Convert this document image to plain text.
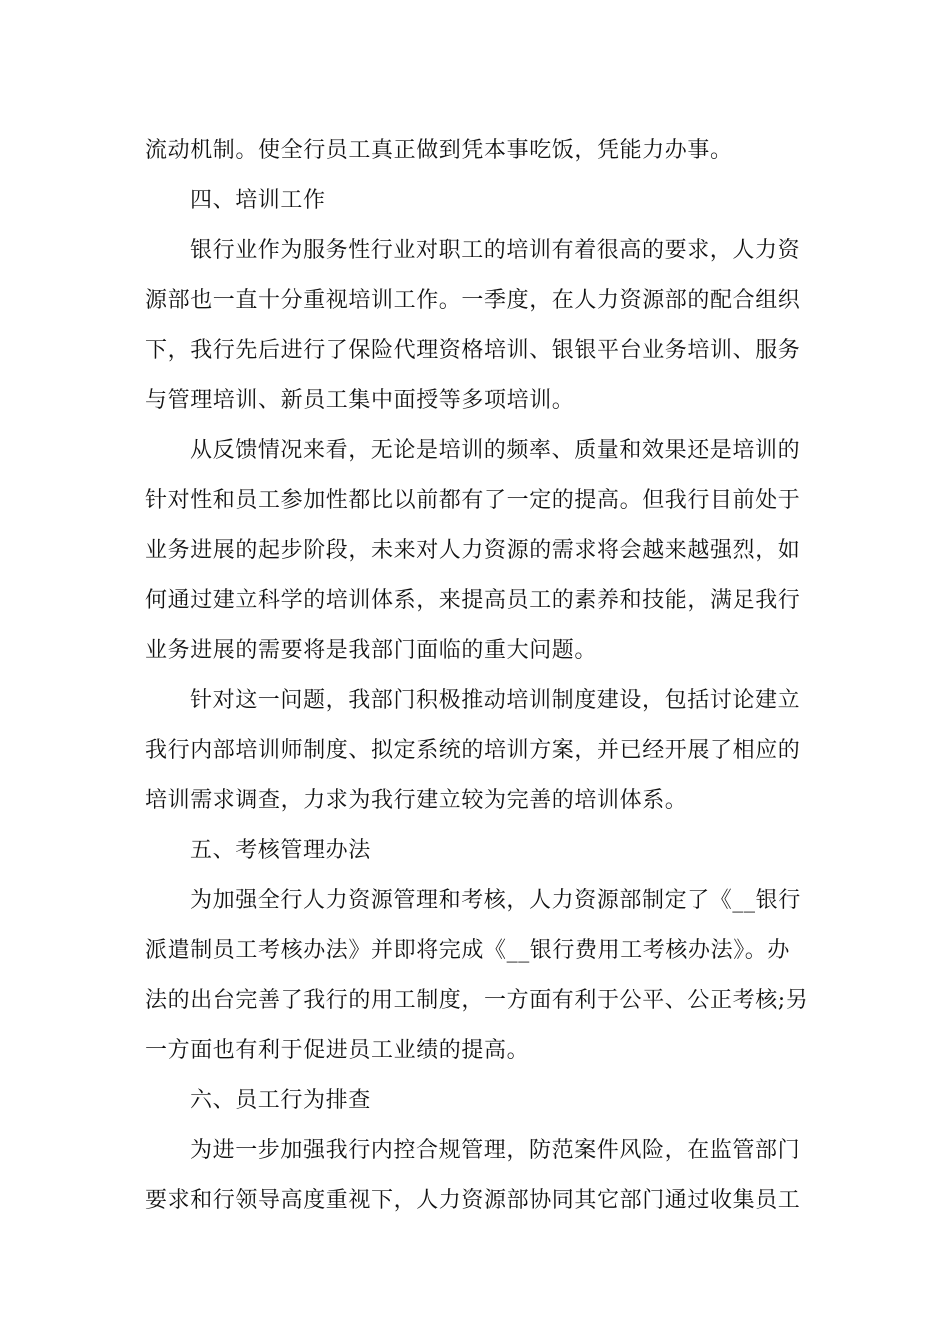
流动机制。使全行员工真正做到凭本事吃饭，凭能力办事。
四、培训工作
银行业作为服务性行业对职工的培训有着很高的要求，人力资
源部也一直十分重视培训工作。一季度，在人力资源部的配合组织
下，我行先后进行了保险代理资格培训、银银平台业务培训、服务
与管理培训、新员工集中面授等多项培训。
从反馈情况来看，无论是培训的频率、质量和效果还是培训的
针对性和员工参加性都比以前都有了一定的提高。但我行目前处于
业务进展的起步阶段，未来对人力资源的需求将会越来越强烈，如
何通过建立科学的培训体系，来提高员工的素养和技能，满足我行
业务进展的需要将是我部门面临的重大问题。
针对这一问题，我部门积极推动培训制度建设，包括讨论建立
我行内部培训师制度、拟定系统的培训方案，并已经开展了相应的
培训需求调查，力求为我行建立较为完善的培训体系。
五、考核管理办法
为加强全行人力资源管理和考核，人力资源部制定了《__银行
派遣制员工考核办法》并即将完成《__银行费用工考核办法》。办
法的出台完善了我行的用工制度，一方面有利于公平、公正考核;另
一方面也有利于促进员工业绩的提高。
六、员工行为排查
为进一步加强我行内控合规管理，防范案件风险，在监管部门
要求和行领导高度重视下，人力资源部协同其它部门通过收集员工
